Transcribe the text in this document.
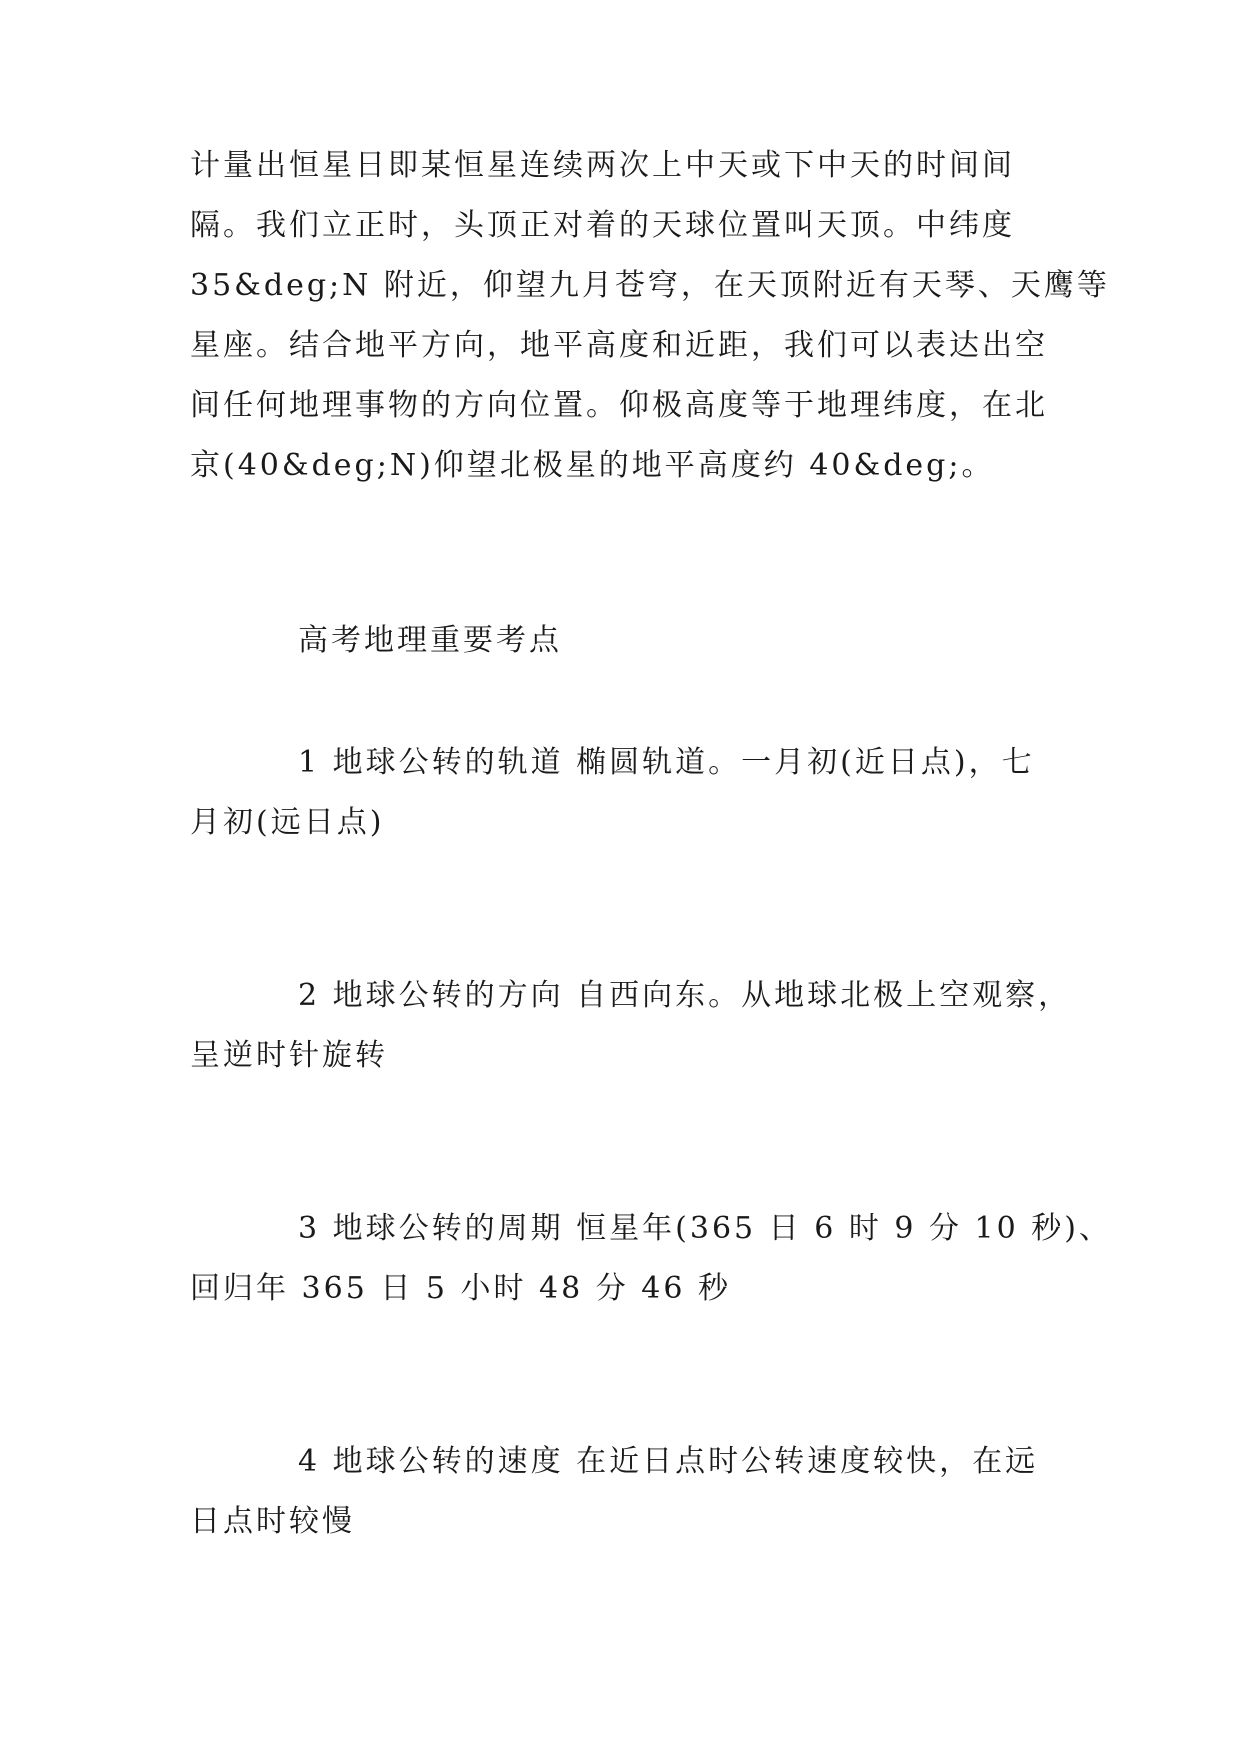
计量出恒星日即某恒星连续两次上中天或下中天的时间间
隔。我们立正时，头顶正对着的天球位置叫天顶。中纬度
35&deg;N 附近，仰望九月苍穹，在天顶附近有天琴、天鹰等
星座。结合地平方向，地平高度和近距，我们可以表达出空
间任何地理事物的方向位置。仰极高度等于地理纬度，在北
京(40&deg;N)仰望北极星的地平高度约 40&deg;。
高考地理重要考点
1 地球公转的轨道 椭圆轨道。一月初(近日点)，七
月初(远日点)
2 地球公转的方向 自西向东。从地球北极上空观察，
呈逆时针旋转
3 地球公转的周期 恒星年(365 日 6 时 9 分 10 秒)、
回归年 365 日 5 小时 48 分 46 秒
4 地球公转的速度 在近日点时公转速度较快，在远
日点时较慢
